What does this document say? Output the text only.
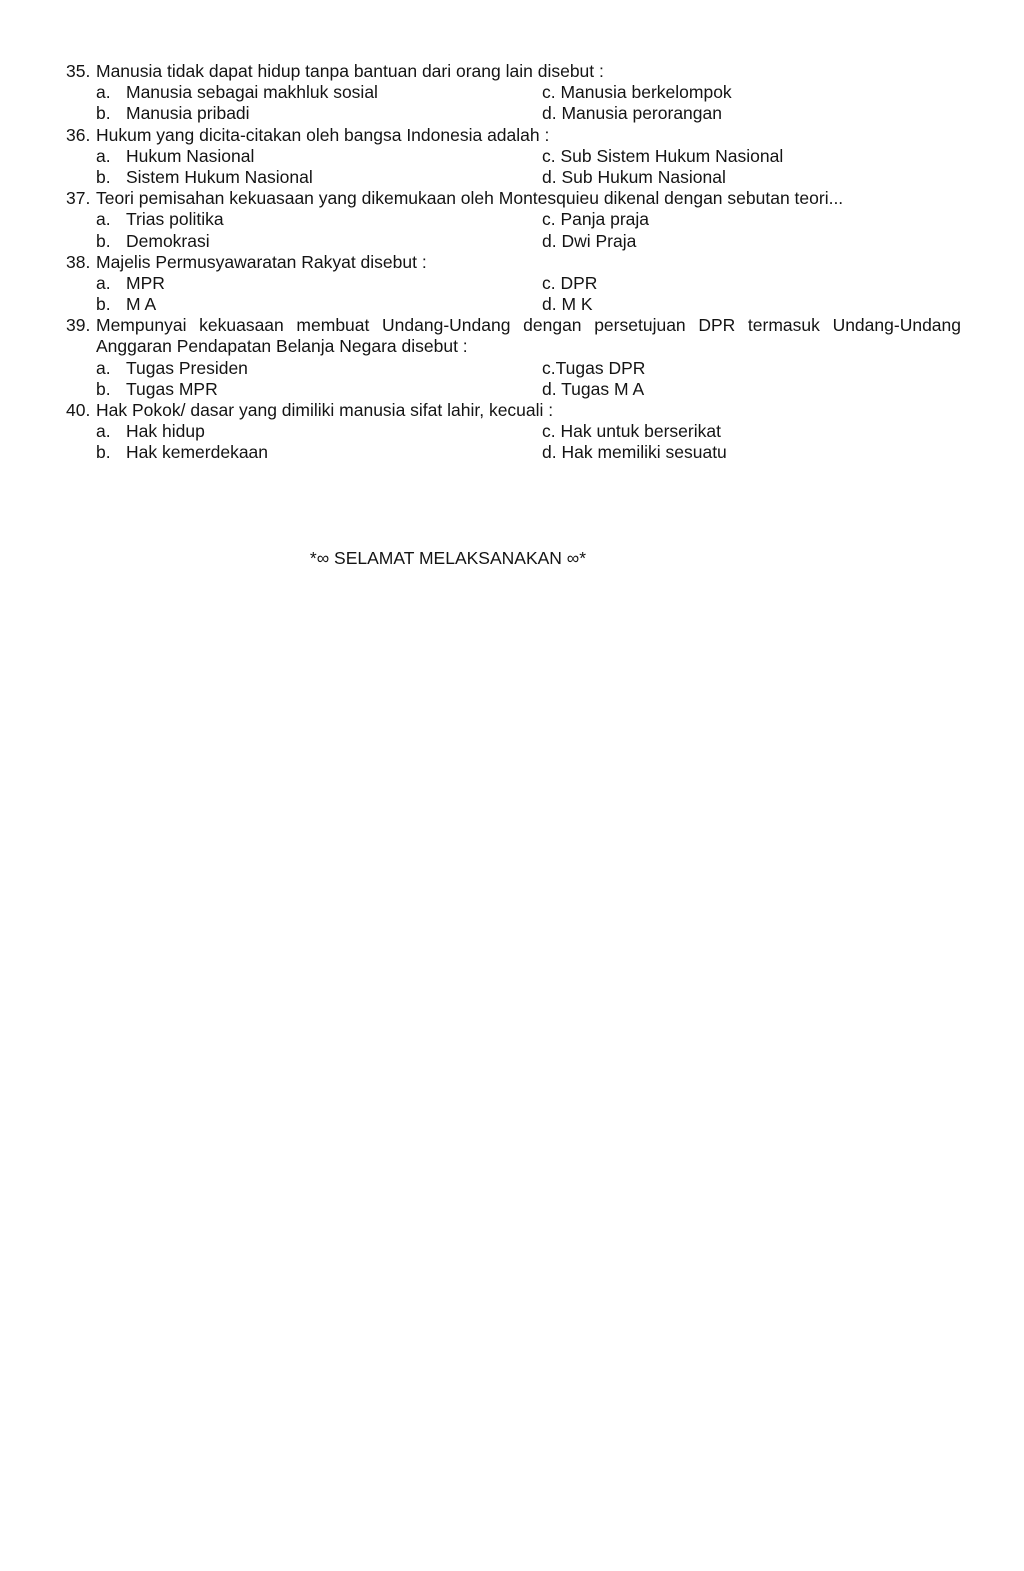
35. Manusia tidak dapat hidup tanpa bantuan dari orang lain disebut :
a. Manusia sebagai makhluk sosial	c. Manusia berkelompok
b. Manusia pribadi	d. Manusia perorangan
36. Hukum yang dicita-citakan oleh bangsa Indonesia adalah :
a. Hukum Nasional	c. Sub Sistem Hukum Nasional
b. Sistem Hukum Nasional	d. Sub Hukum Nasional
37. Teori pemisahan kekuasaan yang dikemukaan oleh Montesquieu dikenal dengan sebutan teori...
a. Trias politika	c. Panja praja
b. Demokrasi	d. Dwi Praja
38. Majelis Permusyawaratan Rakyat disebut :
a. MPR	c. DPR
b. M A	d. M K
39. Mempunyai kekuasaan membuat Undang-Undang dengan persetujuan DPR termasuk Undang-Undang
Anggaran Pendapatan Belanja Negara disebut :
a. Tugas Presiden	c.Tugas DPR
b. Tugas MPR	d. Tugas M A
40. Hak Pokok/ dasar yang dimiliki manusia sifat lahir, kecuali :
a. Hak hidup	c. Hak untuk berserikat
b. Hak kemerdekaan	d. Hak memiliki sesuatu
*∞ SELAMAT MELAKSANAKAN ∞*
